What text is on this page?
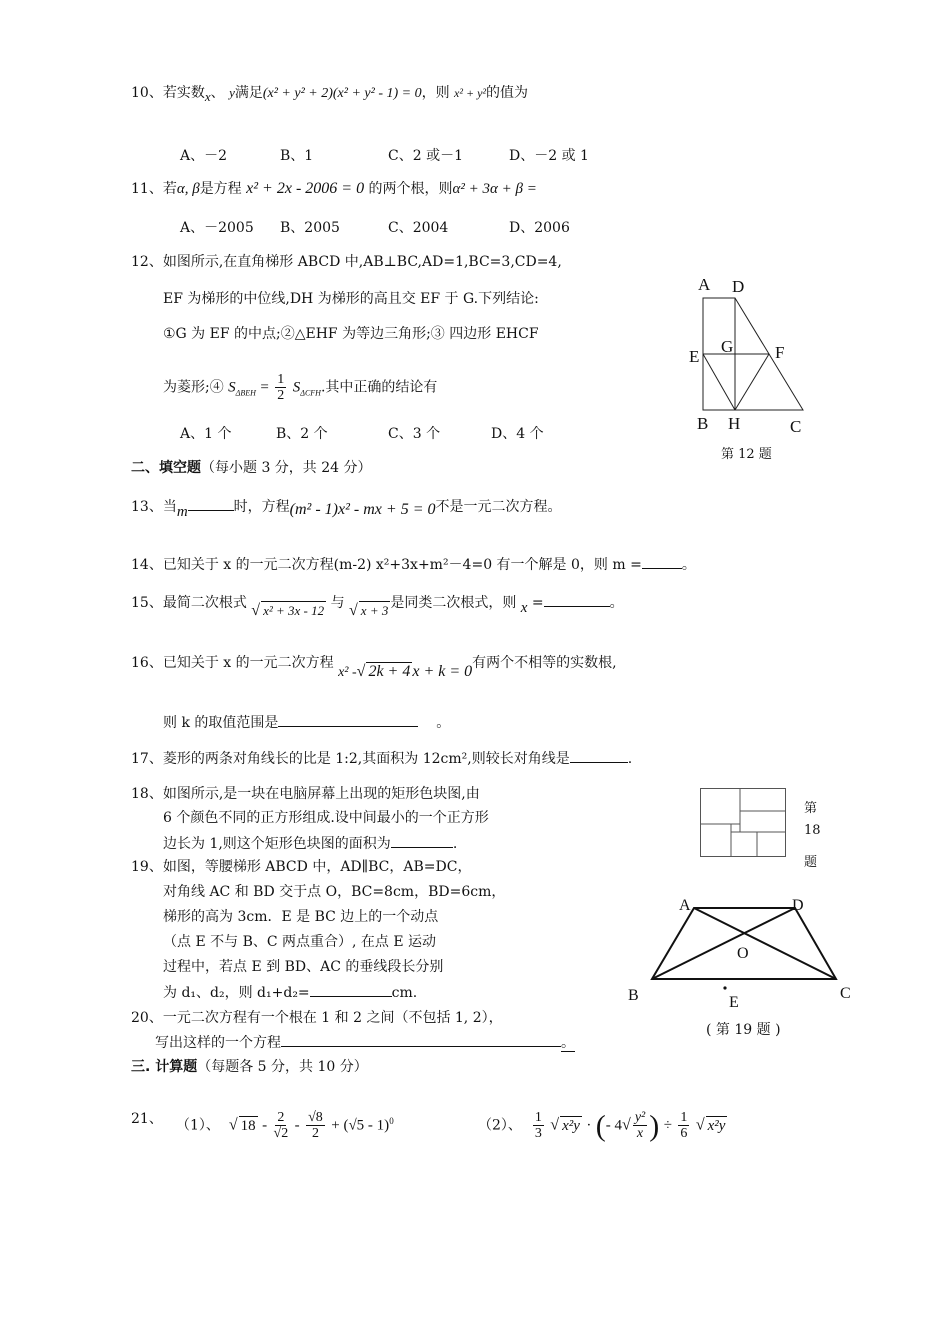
10、若实数x、 y满足(x² + y² + 2)(x² + y² - 1) = 0，则 x² + y²的值为
A、－2	B、1	C、2 或－1	D、－2 或 1
11、若α, β是方程 x² + 2x - 2006 = 0 的两个根，则α² + 3α + β =
A、－2005 B、2005	C、2004	D、2006
12、如图所示,在直角梯形 ABCD 中,AB⊥BC,AD=1,BC=3,CD=4,
EF 为梯形的中位线,DH 为梯形的高且交 EF 于 G.下列结论:
①G 为 EF 的中点;②△EHF 为等边三角形;③ 四边形 EHCF
为菱形;④ $S_{\Delta BEH} = \frac{1}{2} S_{\Delta CFH}$.其中正确的结论有
A、1 个	B、2 个	C、3 个	D、4 个
A D
E
G F
B H	C
第 12 题
二、填空题（每小题 3 分，共 24 分）
13、当m	时，方程(m² - 1)x² - mx + 5 = 0不是一元二次方程。
14、已知关于 x 的一元二次方程(m-2) x²+3x+m²－4=0 有一个解是 0，则 m =	。
15、最简二次根式 √ x² + 3x - 12 与 √ x + 3 是同类二次根式，则 x =	。
16、已知关于 x 的一元二次方程 x² -√ 2k + 4 x + k = 0有两个不相等的实数根,
则 k 的取值范围是	。
17、菱形的两条对角线长的比是 1:2,其面积为 12cm²,则较长对角线是	.
18、如图所示,是一块在电脑屏幕上出现的矩形色块图,由
6 个颜色不同的正方形组成.设中间最小的一个正方形
边长为 1,则这个矩形色块图的面积为	.
第
18
题
19、如图，等腰梯形 ABCD 中，AD∥BC，AB=DC，
对角线 AC 和 BD 交于点 O，BC=8cm，BD=6cm，
梯形的高为 3cm．E 是 BC 边上的一个动点
（点 E 不与 B、C 两点重合）, 在点 E 运动
过程中，若点 E 到 BD、AC 的垂线段长分别
为 d₁、d₂，则 d₁+d₂=	cm.
A	D
O
B	E
C
( 第 19 题 )
20、一元二次方程有一个根在 1 和 2 之间（不包括 1, 2），
写出这样的一个方程	。
三. 计算题（每题各 5 分，共 10 分）
21、 （1）、 √ $18 - \frac{2}{√2} - \frac{√8}{2} + (√5 - 1)^0$	（2）、 $\frac{1}{3}$ √ x²y · (- $4√ \frac{\text{y²}}{x}$ ) ÷ $\frac{1}{6}$ √ x²y
